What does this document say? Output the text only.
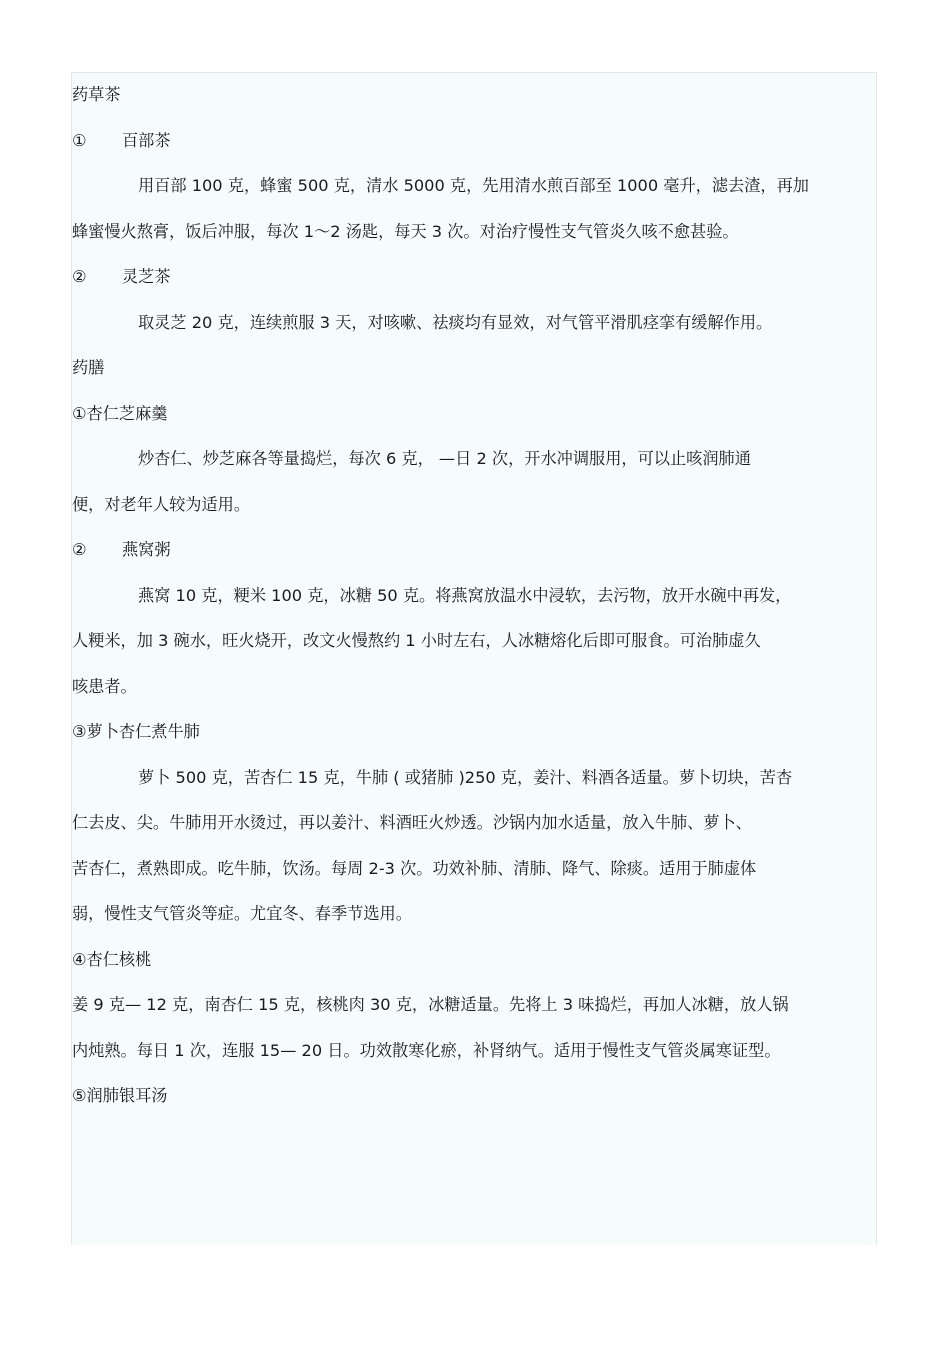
药草茶

① 百部茶

用百部 100 克，蜂蜜 500 克，清水 5000 克，先用清水煎百部至 1000 毫升，滤去渣，再加
蜂蜜慢火熬膏，饭后冲服，每次 1～2 汤匙，每天 3 次。对治疗慢性支气管炎久咳不愈甚验。

② 灵芝茶

取灵芝 20 克，连续煎服 3 天，对咳嗽、祛痰均有显效，对气管平滑肌痉挛有缓解作用。

药膳

①杏仁芝麻羹

炒杏仁、炒芝麻各等量捣烂，每次 6 克， —日 2 次，开水冲调服用，可以止咳润肺通
便，对老年人较为适用。

② 燕窝粥

燕窝 10 克，粳米 100 克，冰糖 50 克。将燕窝放温水中浸软，去污物，放开水碗中再发，
人粳米，加 3 碗水，旺火烧开，改文火慢熬约 1 小时左右，人冰糖熔化后即可服食。可治肺虚久
咳患者。

③萝卜杏仁煮牛肺

萝卜 500 克，苦杏仁 15 克，牛肺 ( 或猪肺 )250 克，姜汁、料酒各适量。萝卜切块，苦杏
仁去皮、尖。牛肺用开水烫过，再以姜汁、料酒旺火炒透。沙锅内加水适量，放入牛肺、萝卜、
苦杏仁，煮熟即成。吃牛肺，饮汤。每周 2-3 次。功效补肺、清肺、降气、除痰。适用于肺虚体
弱，慢性支气管炎等症。尤宜冬、春季节选用。

④杏仁核桃

姜 9 克— 12 克，南杏仁 15 克，核桃肉 30 克，冰糖适量。先将上 3 味捣烂，再加人冰糖，放人锅
内炖熟。每日 1 次，连服 15— 20 日。功效散寒化瘀，补肾纳气。适用于慢性支气管炎属寒证型。

⑤润肺银耳汤
